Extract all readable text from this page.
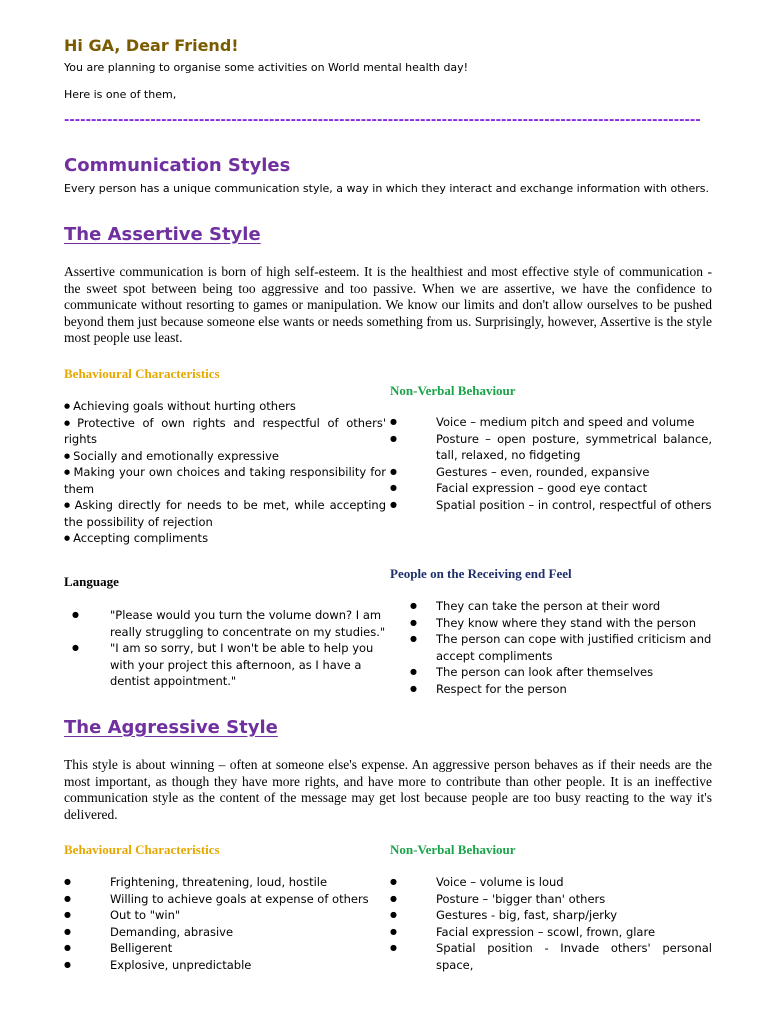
Hi GA, Dear Friend!
You are planning to organise some activities on World mental health day!
Here is one of them,
----------------------------------------------------------------------------------------------------------------------
Communication Styles
Every person has a unique communication style, a way in which they interact and exchange information with others.
The Assertive Style
Assertive communication is born of high self-esteem. It is the healthiest and most effective style of communication - the sweet spot between being too aggressive and too passive. When we are assertive, we have the confidence to communicate without resorting to games or manipulation. We know our limits and don't allow ourselves to be pushed beyond them just because someone else wants or needs something from us. Surprisingly, however, Assertive is the style most people use least.
Behavioural Characteristics
● Achieving goals without hurting others
● Protective of own rights and respectful of others' rights
● Socially and emotionally expressive
● Making your own choices and taking responsibility for them
● Asking directly for needs to be met, while accepting the possibility of rejection
● Accepting compliments
Non-Verbal Behaviour
●	Voice – medium pitch and speed and volume
●	Posture – open posture, symmetrical balance, tall, relaxed, no fidgeting
●	Gestures – even, rounded, expansive
●	Facial expression – good eye contact
●	Spatial position – in control, respectful of others
Language
●	"Please would you turn the volume down? I am really struggling to concentrate on my studies."
●	"I am so sorry, but I won't be able to help you with your project this afternoon, as I have a dentist appointment."
People on the Receiving end Feel
● They can take the person at their word
● They know where they stand with the person
● The person can cope with justified criticism and accept compliments
● The person can look after themselves
● Respect for the person
The Aggressive Style
This style is about winning – often at someone else's expense. An aggressive person behaves as if their needs are the most important, as though they have more rights, and have more to contribute than other people. It is an ineffective communication style as the content of the message may get lost because people are too busy reacting to the way it's delivered.
Behavioural Characteristics
●	Frightening, threatening, loud, hostile
●	Willing to achieve goals at expense of others
●	Out to "win"
●	Demanding, abrasive
●	Belligerent
●	Explosive, unpredictable
Non-Verbal Behaviour
●	Voice – volume is loud
●	Posture – 'bigger than' others
●	Gestures - big, fast, sharp/jerky
●	Facial expression – scowl, frown, glare
●	Spatial position - Invade others' personal space,
